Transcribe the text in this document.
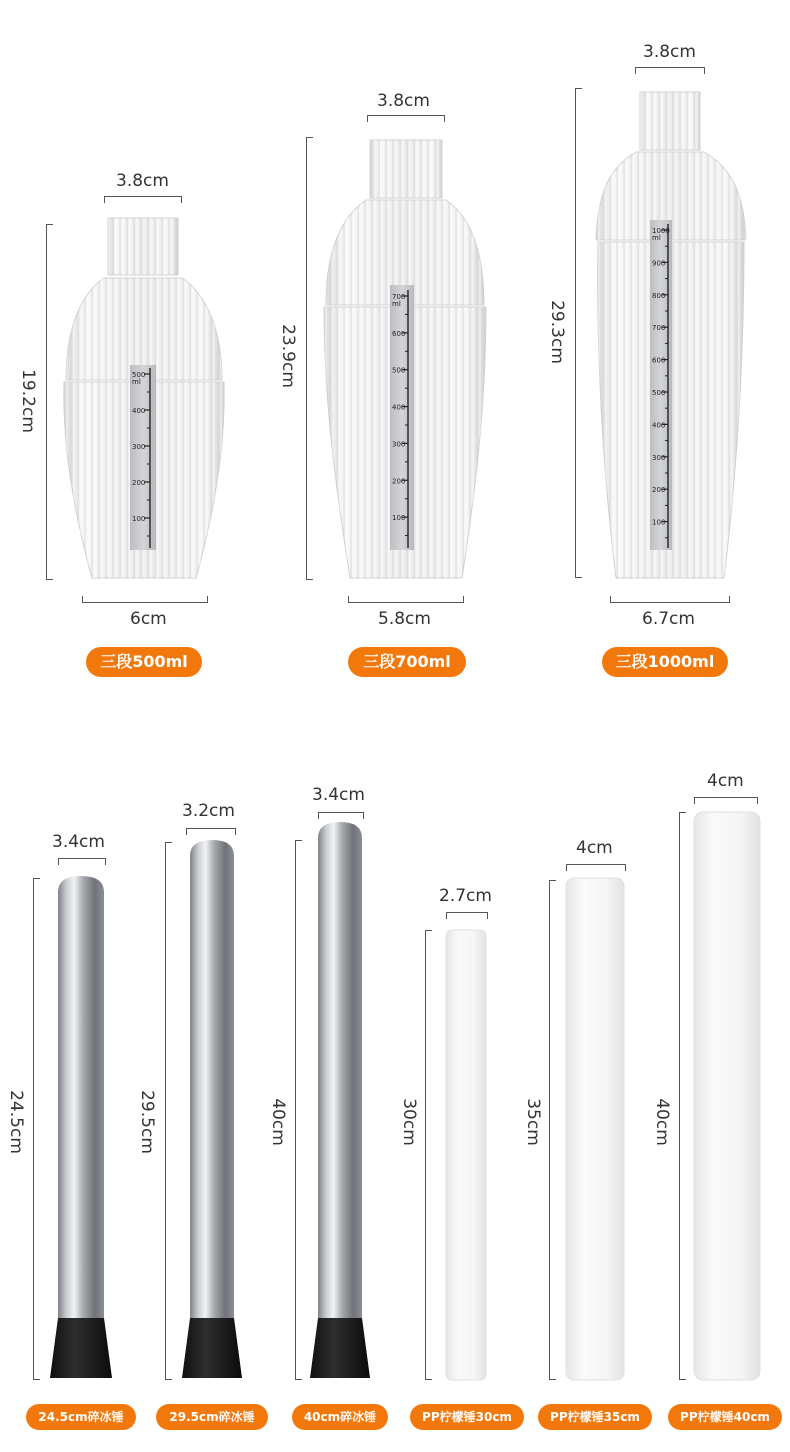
500
400
300
200
100
ml
700
600
500
400
300
200
100
ml
1000
900
800
700
600
500
400
300
200
100
ml
3.8cm
19.2cm
6cm
三段500ml
3.8cm
23.9cm
5.8cm
三段700ml
3.8cm
29.3cm
6.7cm
三段1000ml
3.4cm
24.5cm
24.5cm碎冰锤
3.2cm
29.5cm
29.5cm碎冰锤
3.4cm
40cm
40cm碎冰锤
2.7cm
30cm
PP柠檬锤30cm
4cm
35cm
PP柠檬锤35cm
4cm
40cm
PP柠檬锤40cm
